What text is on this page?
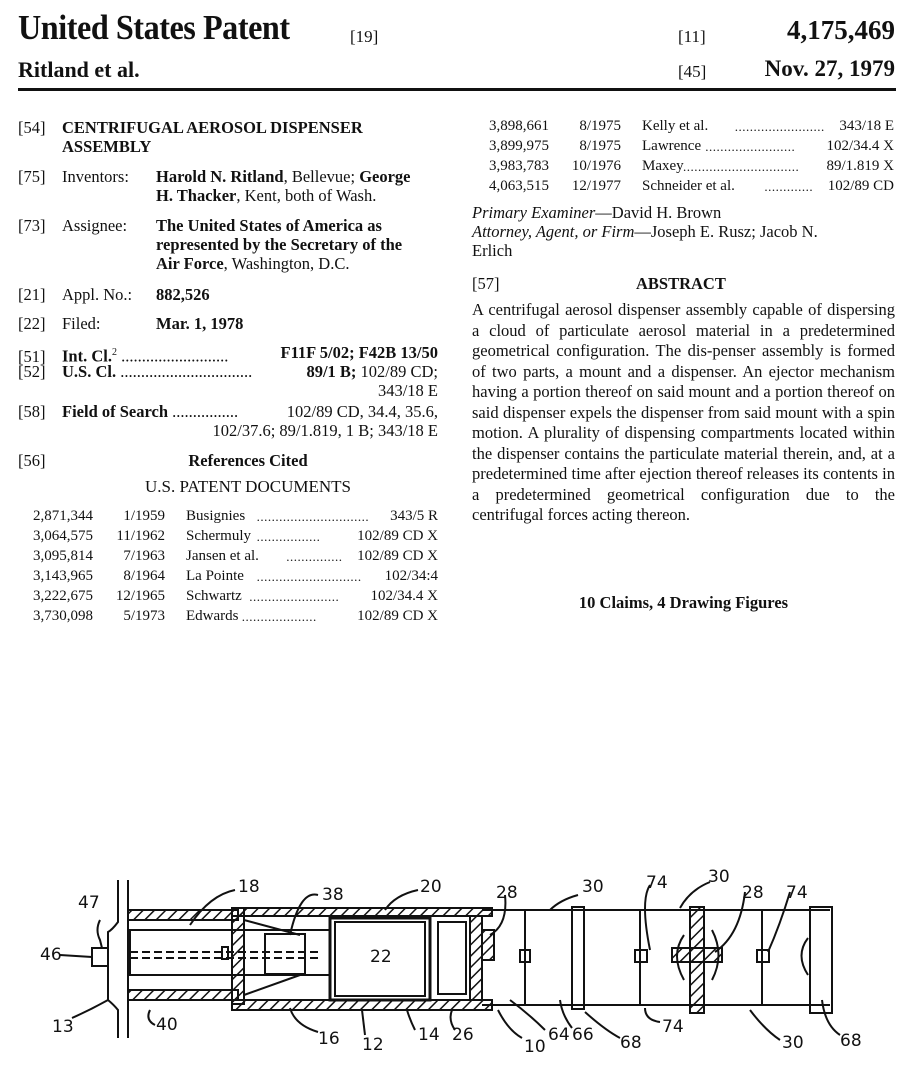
United States Patent	[19]	[11]	4,175,469
Ritland et al.	[45]	Nov. 27, 1979
[54] CENTRIFUGAL AEROSOL DISPENSER
ASSEMBLY
[75] Inventors: Harold N. Ritland, Bellevue; George
H. Thacker, Kent, both of Wash.
[73] Assignee: The United States of America as
represented by the Secretary of the
Air Force, Washington, D.C.
[21] Appl. No.: 882,526
[22] Filed:	Mar. 1, 1978
[51] Int. Cl.$^2$ ..........................	F11F 5/02; F42B 13/50
[52] U.S. Cl. ................................	89/1 B; 102/89 CD;
343/18 E
[58] Field of Search ................	102/89 CD, 34.4, 35.6,
102/37.6; 89/1.819, 1 B; 343/18 E
[56]	References Cited
U.S. PATENT DOCUMENTS
2,871,344 1/1959 Busignies .............................. 343/5 R
3,064,575 11/1962 Schermuly ................. 102/89 CD X
3,095,814 7/1963 Jansen et al. ............... 102/89 CD X
3,143,965 8/1964 La Pointe ............................ 102/34:4
3,222,675 12/1965 Schwartz ........................ 102/34.4 X
3,730,098 5/1973 Edwards ....................	102/89 CD X
3,898,661 8/1975 Kelly et al. ........................ 343/18 E
3,899,975 8/1975 Lawrence ........................ 102/34.4 X
3,983,783 10/1976 Maxey ............................... 89/1.819 X
4,063,515 12/1977 Schneider et al. ............. 102/89 CD
Primary Examiner—David H. Brown
Attorney, Agent, or Firm—Joseph E. Rusz; Jacob N.
Erlich
[57]	ABSTRACT
A centrifugal aerosol dispenser assembly capable of dispersing a cloud of particulate aerosol material in a predetermined geometrical configuration. The dis-penser assembly is formed of two parts, a mount and a dispenser. An ejector mechanism having a portion thereof on said mount and a portion thereof on said dispenser expels the dispenser from said mount with a spin motion. A plurality of dispensing compartments located within the dispenser contains the particulate material therein, and, at a predetermined time after ejection thereof releases its contents in a predetermined geometrical configuration due to the centrifugal forces acting thereon.
10 Claims, 4 Drawing Figures
47
46
13
18	38
40
16 12 14
20
22
26
28	30
10
64 66 68
74 30
28 74
74
30 68
